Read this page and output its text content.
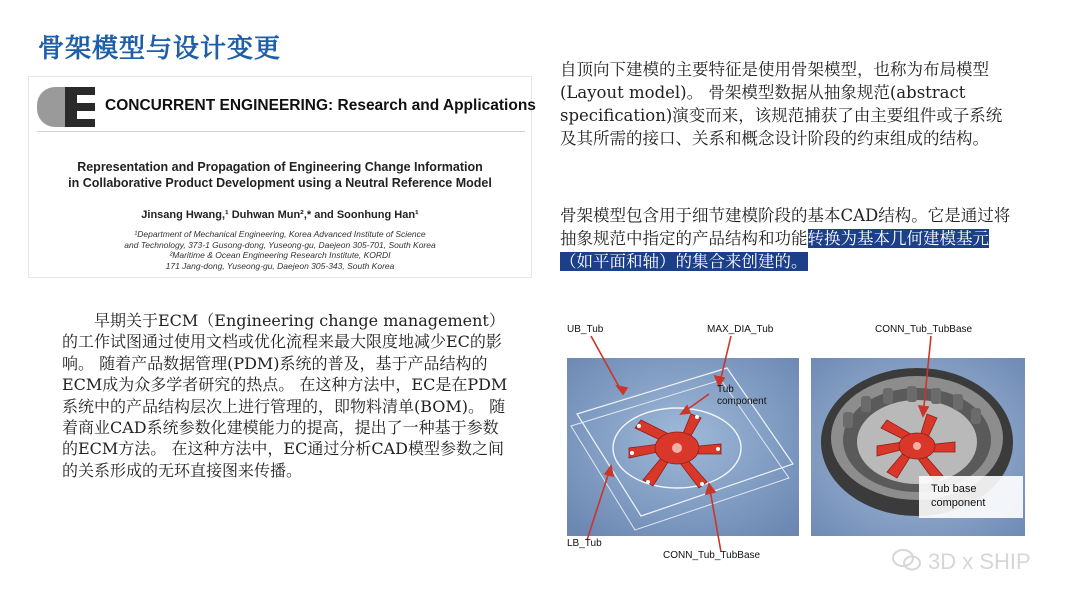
骨架模型与设计变更
CONCURRENT ENGINEERING: Research and Applications
Representation and Propagation of Engineering Change Information
in Collaborative Product Development using a Neutral Reference Model
Jinsang Hwang,¹ Duhwan Mun²,* and Soonhung Han¹
¹Department of Mechanical Engineering, Korea Advanced Institute of Science
and Technology, 373-1 Gusong-dong, Yuseong-gu, Daejeon 305-701, South Korea
²Maritime & Ocean Engineering Research Institute, KORDI
171 Jang-dong, Yuseong-gu, Daejeon 305-343, South Korea

早期关于ECM（Engineering change management）的工作试图通过使用文档或优化流程来最大限度地减少EC的影响。 随着产品数据管理(PDM)系统的普及，基于产品结构的ECM成为众多学者研究的热点。 在这种方法中，EC是在PDM系统中的产品结构层次上进行管理的，即物料清单(BOM)。 随着商业CAD系统参数化建模能力的提高，提出了一种基于参数的ECM方法。 在这种方法中，EC通过分析CAD模型参数之间的关系形成的无环直接图来传播。

自顶向下建模的主要特征是使用骨架模型，也称为布局模型(Layout model)。 骨架模型数据从抽象规范(abstract specification)演变而来，该规范捕获了由主要组件或子系统及其所需的接口、关系和概念设计阶段的约束组成的结构。

骨架模型包含用于细节建模阶段的基本CAD结构。它是通过将抽象规范中指定的产品结构和功能转换为基本几何建模基元（如平面和轴）的集合来创建的。

UB_Tub	MAX_DIA_Tub
Tub
component
LB_Tub
CONN_Tub_TubBase
CONN_Tub_TubBase
Tub base
component
3D x SHIP
